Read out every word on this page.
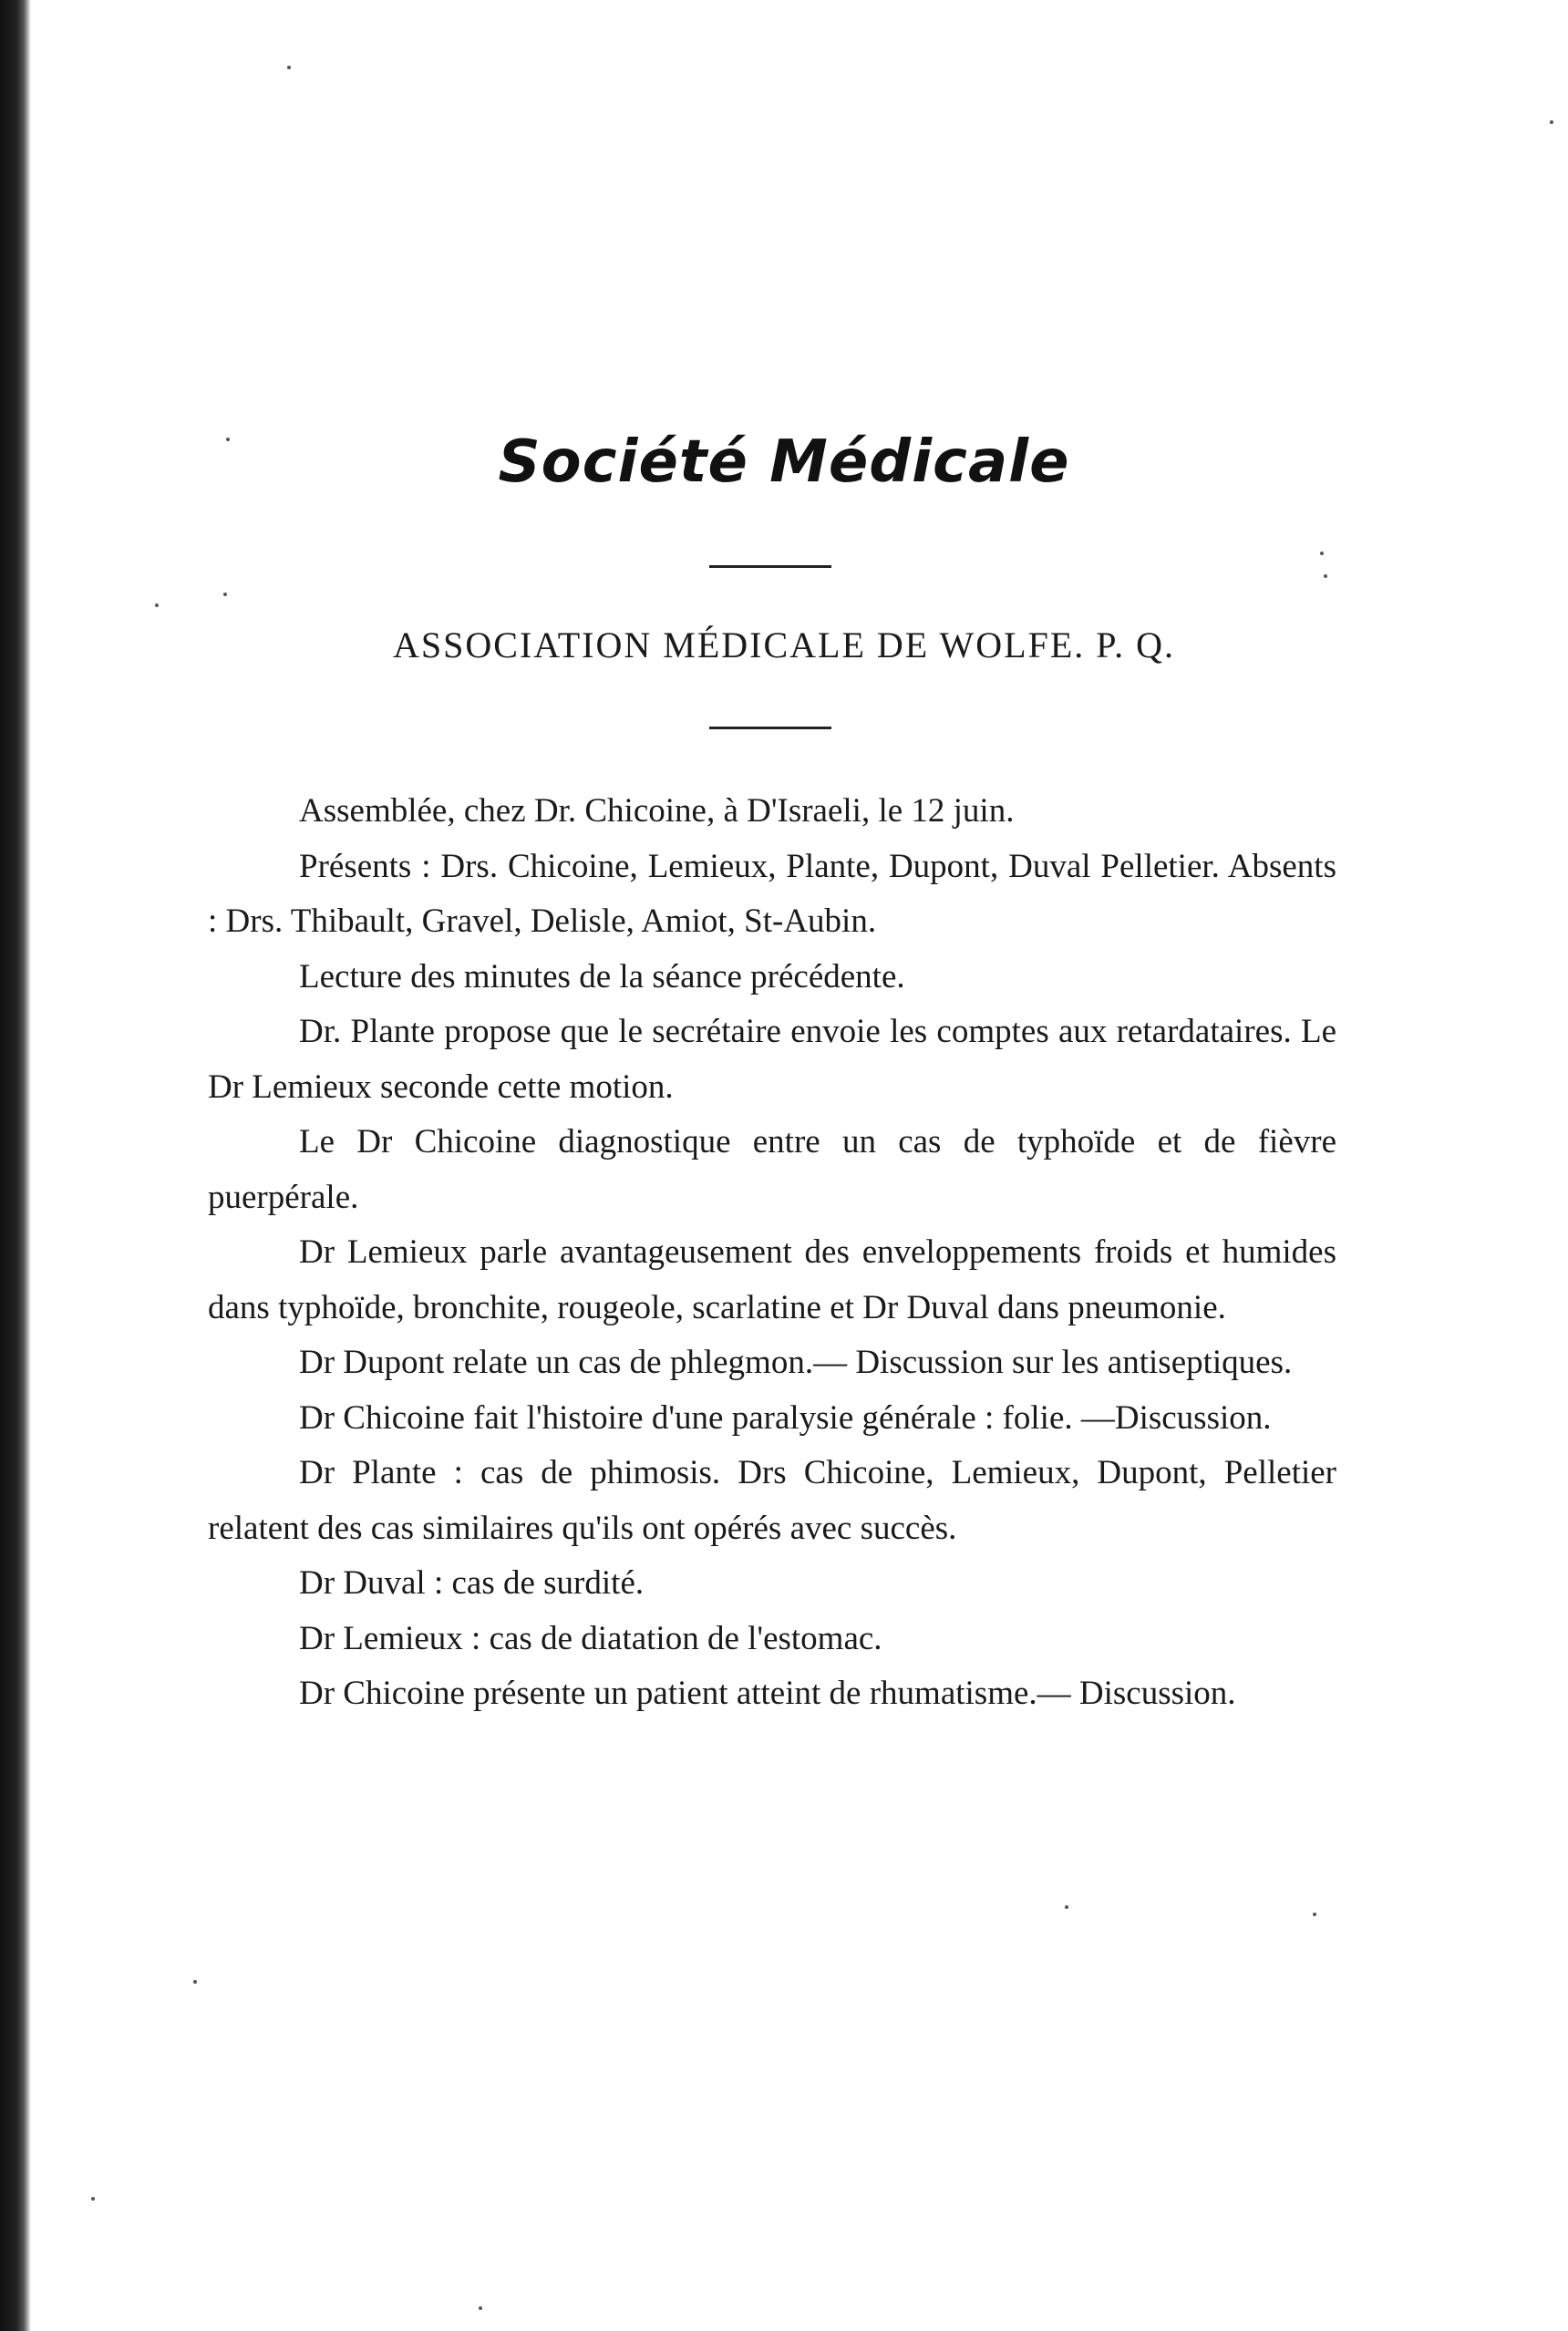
Société Médicale
ASSOCIATION MÉDICALE DE WOLFE. P. Q.

Assemblée, chez Dr. Chicoine, à D'Israeli, le 12 juin.

Présents : Drs. Chicoine, Lemieux, Plante, Dupont, Duval Pelletier. Absents : Drs. Thibault, Gravel, Delisle, Amiot, St-Aubin.

Lecture des minutes de la séance précédente.

Dr. Plante propose que le secrétaire envoie les comptes aux retardataires. Le Dr Lemieux seconde cette motion.

Le Dr Chicoine diagnostique entre un cas de typhoïde et de fièvre puerpérale.

Dr Lemieux parle avantageusement des enveloppements froids et humides dans typhoïde, bronchite, rougeole, scarlatine et Dr Duval dans pneumonie.

Dr Dupont relate un cas de phlegmon.— Discussion sur les antiseptiques.

Dr Chicoine fait l'histoire d'une paralysie générale : folie. —Discussion.

Dr Plante : cas de phimosis. Drs Chicoine, Lemieux, Dupont, Pelletier relatent des cas similaires qu'ils ont opérés avec succès.

Dr Duval : cas de surdité.

Dr Lemieux : cas de diatation de l'estomac.

Dr Chicoine présente un patient atteint de rhumatisme.— Discussion.
